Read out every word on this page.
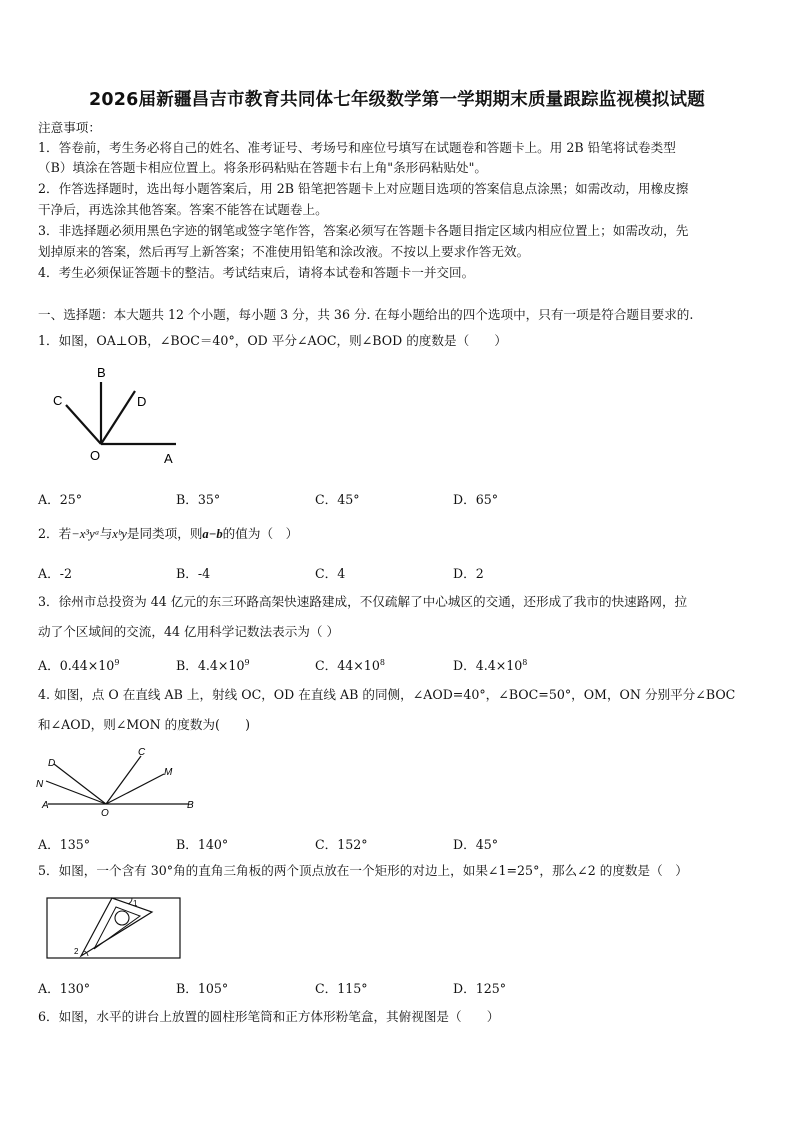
2026届新疆昌吉市教育共同体七年级数学第一学期期末质量跟踪监视模拟试题
注意事项：
1．答卷前，考生务必将自己的姓名、准考证号、考场号和座位号填写在试题卷和答题卡上。用 2B 铅笔将试卷类型
（B）填涂在答题卡相应位置上。将条形码粘贴在答题卡右上角"条形码粘贴处"。
2．作答选择题时，选出每小题答案后，用 2B 铅笔把答题卡上对应题目选项的答案信息点涂黑；如需改动，用橡皮擦
干净后，再选涂其他答案。答案不能答在试题卷上。
3．非选择题必须用黑色字迹的钢笔或签字笔作答，答案必须写在答题卡各题目指定区域内相应位置上；如需改动，先
划掉原来的答案，然后再写上新答案；不准使用铅笔和涂改液。不按以上要求作答无效。
4．考生必须保证答题卡的整洁。考试结束后，请将本试卷和答题卡一并交回。
一、选择题：本大题共 12 个小题，每小题 3 分，共 36 分. 在每小题给出的四个选项中，只有一项是符合题目要求的.
1．如图，OA⊥OB，∠BOC＝40°，OD 平分∠AOC，则∠BOD 的度数是（　　）
B
C	D
O	A
A．25°	B．35°	C．45°	D．65°
2．若−x³yᵃ与xᵇy是同类项，则a−b的值为（　）
A．-2	B．-4	C．4	D．2
3．徐州市总投资为 44 亿元的东三环路高架快速路建成，不仅疏解了中心城区的交通，还形成了我市的快速路网，拉
动了个区域间的交流，44 亿用科学记数法表示为（ ）
A．$0.44\times 10^9$	B．$4.4\times 10^9$	C．$44\times 10^8$	D．$4.4\times 10^8$
4. 如图，点 O 在直线 AB 上，射线 OC，OD 在直线 AB 的同侧，∠AOD=40°，∠BOC=50°，OM，ON 分别平分∠BOC
和∠AOD，则∠MON 的度数为(　　)
D
C
N
M
A
O
B
A．135°	B．140°	C．152°	D．45°
5．如图，一个含有 30°角的直角三角板的两个顶点放在一个矩形的对边上，如果∠1=25°，那么∠2 的度数是（　）
1
2
A．130°	B．105°	C．115°	D．125°
6．如图，水平的讲台上放置的圆柱形笔筒和正方体形粉笔盒，其俯视图是（　　）
